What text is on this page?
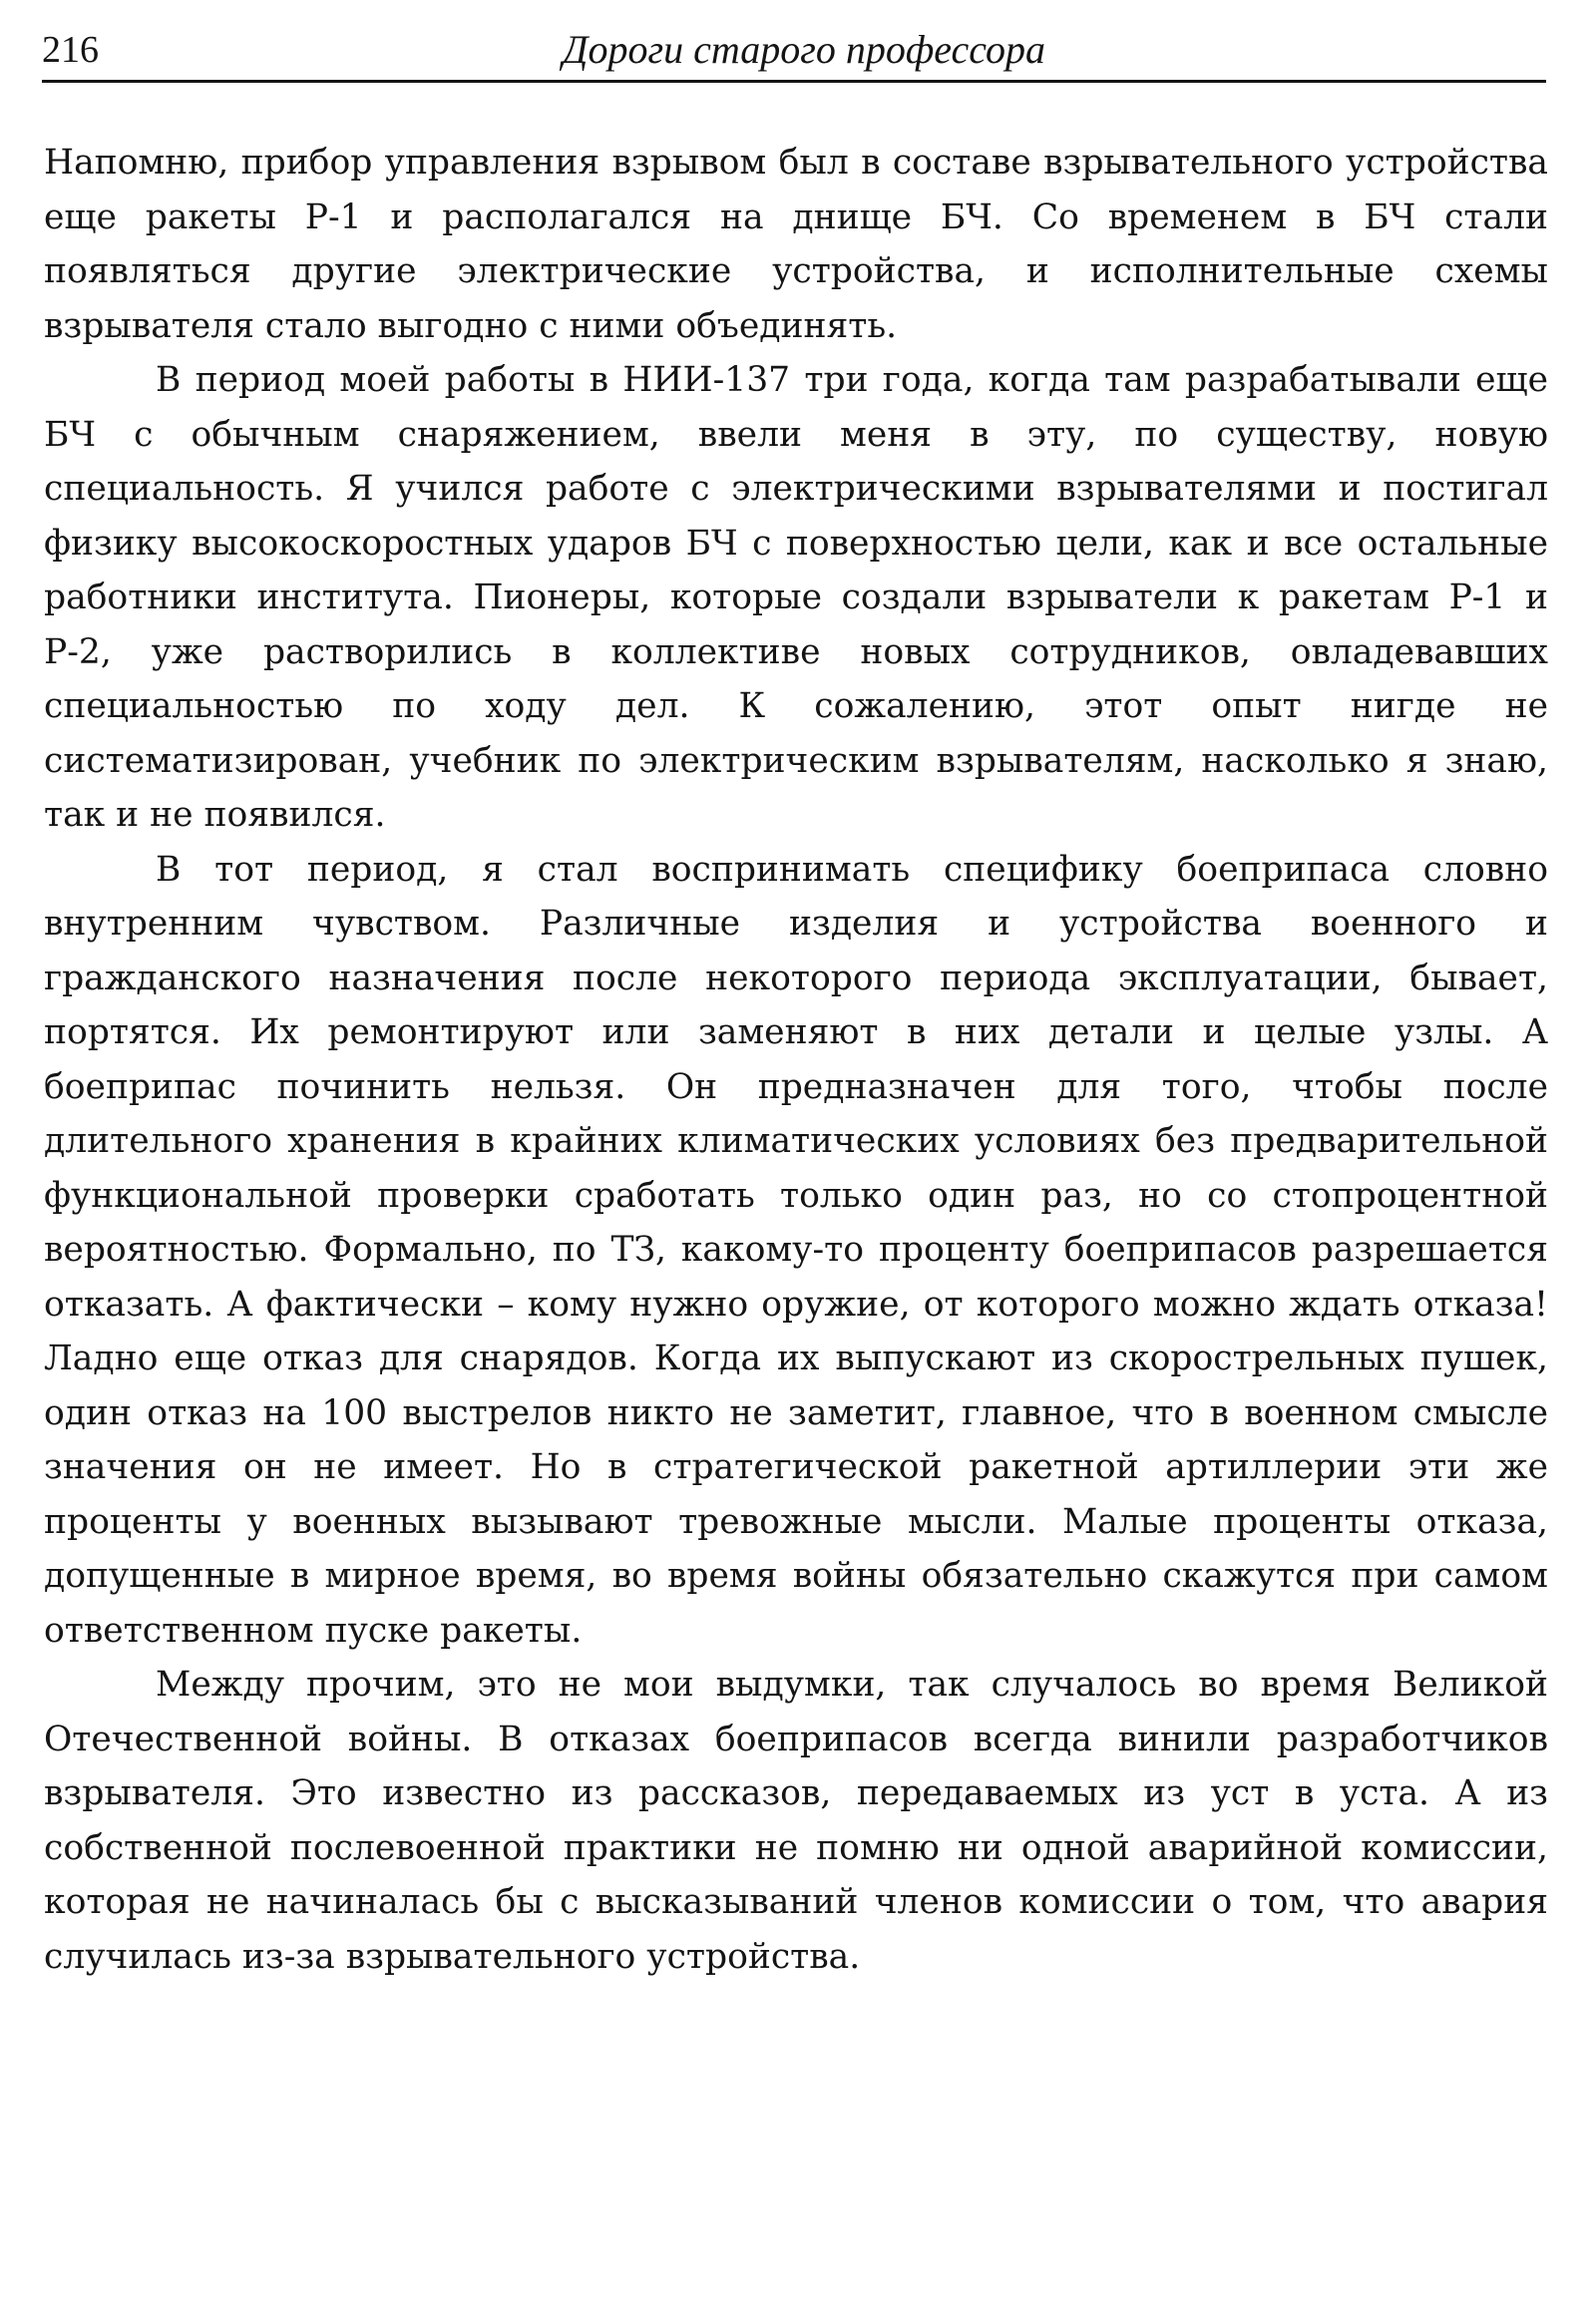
216	Дороги старого профессора

Напомню, прибор управления взрывом был в составе взрывательного устройства еще ракеты Р-1 и располагался на днище БЧ. Со временем в БЧ стали появляться другие электрические устройства, и исполнительные схемы взрывателя стало выгодно с ними объединять.

В период моей работы в НИИ-137 три года, когда там разрабатывали еще БЧ с обычным снаряжением, ввели меня в эту, по существу, новую специальность. Я учился работе с электрическими взрывателями и постигал физику высокоскоростных ударов БЧ с поверхностью цели, как и все остальные работники института. Пионеры, которые создали взрыватели к ракетам Р-1 и Р-2, уже растворились в коллективе новых сотрудников, овладевавших специальностью по ходу дел. К сожалению, этот опыт нигде не систематизирован, учебник по электрическим взрывателям, насколько я знаю, так и не появился.

В тот период, я стал воспринимать специфику боеприпаса словно внутренним чувством. Различные изделия и устройства военного и гражданского назначения после некоторого периода эксплуатации, бывает, портятся. Их ремонтируют или заменяют в них детали и целые узлы. А боеприпас починить нельзя. Он предназначен для того, чтобы после длительного хранения в крайних климатических условиях без предварительной функциональной проверки сработать только один раз, но со стопроцентной вероятностью. Формально, по ТЗ, какому-то проценту боеприпасов разрешается отказать. А фактически – кому нужно оружие, от которого можно ждать отказа! Ладно еще отказ для снарядов. Когда их выпускают из скорострельных пушек, один отказ на 100 выстрелов никто не заметит, главное, что в военном смысле значения он не имеет. Но в стратегической ракетной артиллерии эти же проценты у военных вызывают тревожные мысли. Малые проценты отказа, допущенные в мирное время, во время войны обязательно скажутся при самом ответственном пуске ракеты.

Между прочим, это не мои выдумки, так случалось во время Великой Отечественной войны. В отказах боеприпасов всегда винили разработчиков взрывателя. Это известно из рассказов, передаваемых из уст в уста. А из собственной послевоенной практики не помню ни одной аварийной комиссии, которая не начиналась бы с высказываний членов комиссии о том, что авария случилась из-за взрывательного устройства.
